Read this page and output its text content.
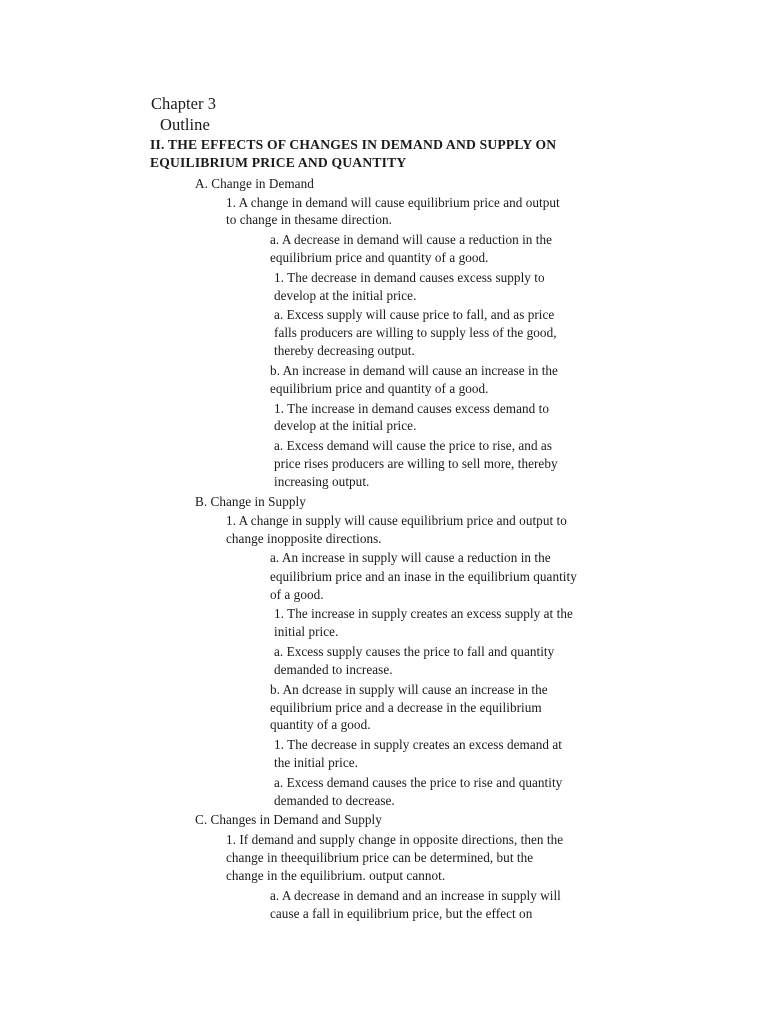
Chapter 3
Outline
II. THE EFFECTS OF CHANGES IN DEMAND AND SUPPLY ON
EQUILIBRIUM PRICE AND QUANTITY
A. Change in Demand
1. A change in demand will cause equilibrium price and output
to change in thesame direction.
a. A decrease in demand will cause a reduction in the
equilibrium price and quantity of a good.
1. The decrease in demand causes excess supply to
develop at the initial price.
a. Excess supply will cause price to fall, and as price
falls producers are willing to supply less of the good,
thereby decreasing output.
b. An increase in demand will cause an increase in the
equilibrium price and quantity of a good.
1. The increase in demand causes excess demand to
develop at the initial price.
a. Excess demand will cause the price to rise, and as
price rises producers are willing to sell more, thereby
increasing output.
B. Change in Supply
1. A change in supply will cause equilibrium price and output to
change inopposite directions.
a. An increase in supply will cause a reduction in the
equilibrium price and an inase in the equilibrium quantity
of a good.
1. The increase in supply creates an excess supply at the
initial price.
a. Excess supply causes the price to fall and quantity
demanded to increase.
b. An dcrease in supply will cause an increase in the
equilibrium price and a decrease in the equilibrium
quantity of a good.
1. The decrease in supply creates an excess demand at
the initial price.
a. Excess demand causes the price to rise and quantity
demanded to decrease.
C. Changes in Demand and Supply
1. If demand and supply change in opposite directions, then the
change in theequilibrium price can be determined, but the
change in the equilibrium. output cannot.
a. A decrease in demand and an increase in supply will
cause a fall in equilibrium price, but the effect on
